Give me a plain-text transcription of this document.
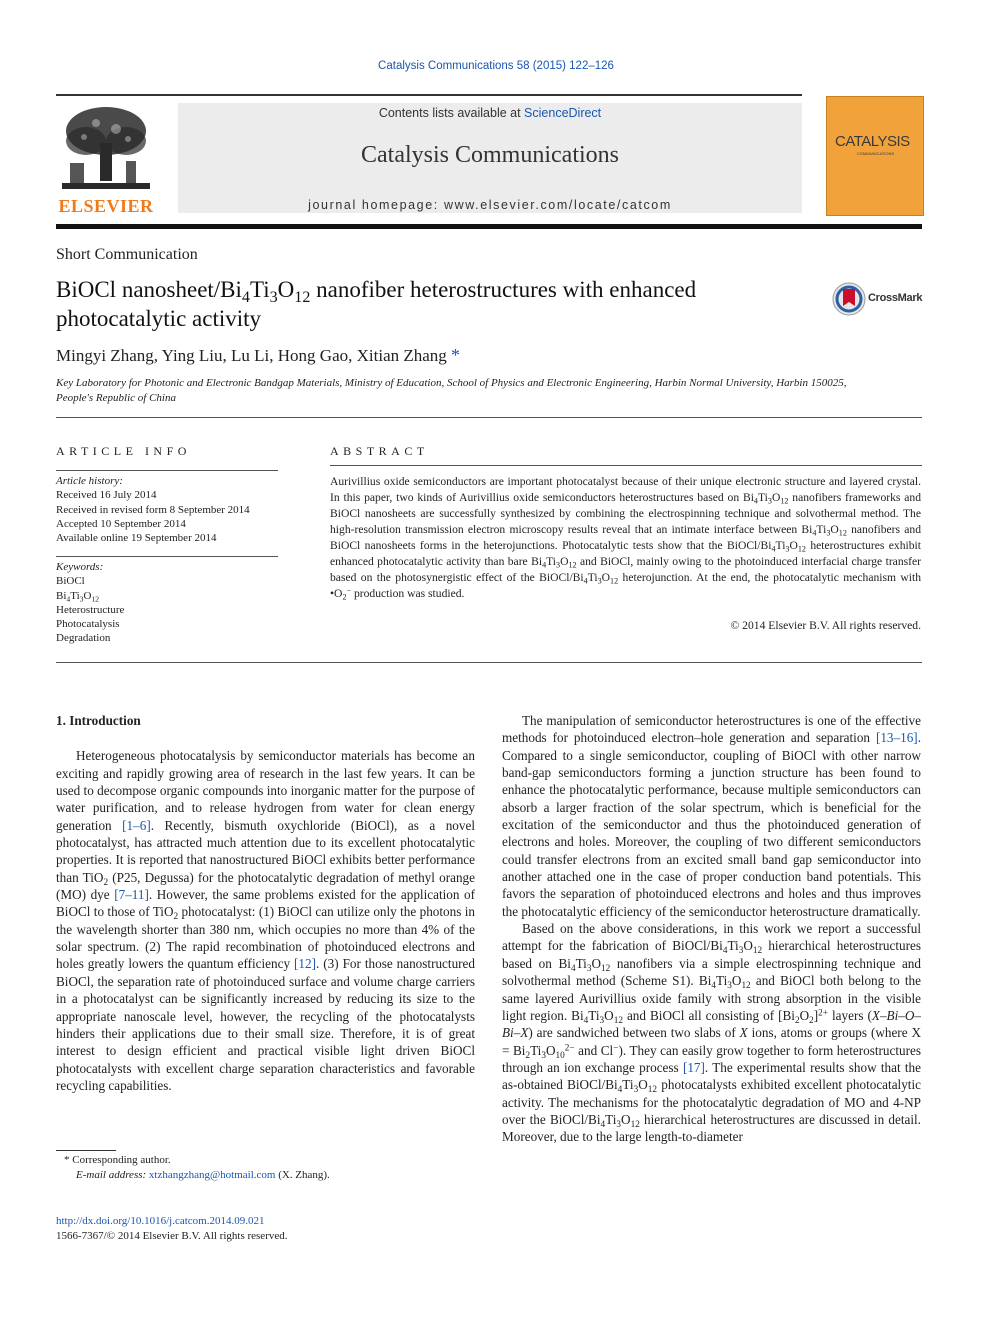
Catalysis Communications 58 (2015) 122–126
ELSEVIER
Contents lists available at ScienceDirect
Catalysis Communications
journal homepage: www.elsevier.com/locate/catcom
CATALYSIS
COMMUNICATIONS
Short Communication
BiOCl nanosheet/$Bi_4Ti_3O_{12}$ nanofiber heterostructures with enhanced photocatalytic activity
CrossMark
Mingyi Zhang, Ying Liu, Lu Li, Hong Gao, Xitian Zhang *
Key Laboratory for Photonic and Electronic Bandgap Materials, Ministry of Education, School of Physics and Electronic Engineering, Harbin Normal University, Harbin 150025, People's Republic of China
ARTICLE INFO
Article history:
Received 16 July 2014
Received in revised form 8 September 2014
Accepted 10 September 2014
Available online 19 September 2014
Keywords:
BiOCl
$Bi_4Ti_3O_{12}$
Heterostructure
Photocatalysis
Degradation
ABSTRACT
Aurivillius oxide semiconductors are important photocatalyst because of their unique electronic structure and layered crystal. In this paper, two kinds of Aurivillius oxide semiconductors heterostructures based on $Bi_4Ti_3O_{12}$ nanofibers frameworks and BiOCl nanosheets are successfully synthesized by combining the electrospinning technique and solvothermal method. The high-resolution transmission electron microscopy results reveal that an intimate interface between $Bi_4Ti_3O_{12}$ nanofibers and BiOCl nanosheets forms in the heterojunctions. Photocatalytic tests show that the BiOCl/$Bi_4Ti_3O_{12}$ heterostructures exhibit enhanced photocatalytic activity than bare $Bi_4Ti_3O_{12}$ and BiOCl, mainly owing to the photoinduced interfacial charge transfer based on the photosynergistic effect of the BiOCl/$Bi_4Ti_3O_{12}$ heterojunction. At the end, the photocatalytic mechanism with $•O_2^-$ production was studied.
© 2014 Elsevier B.V. All rights reserved.
1. Introduction

Heterogeneous photocatalysis by semiconductor materials has become an exciting and rapidly growing area of research in the last few years. It can be used to decompose organic compounds into inorganic matter for the purpose of water purification, and to release hydrogen from water for clean energy generation [1–6]. Recently, bismuth oxychloride (BiOCl), as a novel photocatalyst, has attracted much attention due to its excellent photocatalytic properties. It is reported that nanostructured BiOCl exhibits better performance than TiO$_2$ (P25, Degussa) for the photocatalytic degradation of methyl orange (MO) dye [7–11]. However, the same problems existed for the application of BiOCl to those of TiO$_2$ photocatalyst: (1) BiOCl can utilize only the photons in the wavelength shorter than 380 nm, which occupies no more than 4% of the solar spectrum. (2) The rapid recombination of photoinduced electrons and holes greatly lowers the quantum efficiency [12]. (3) For those nanostructured BiOCl, the separation rate of photoinduced surface and volume charge carriers in a photocatalyst can be significantly increased by reducing its size to the appropriate nanoscale level, however, the recycling of the photocatalysts hinders their applications due to their small size. Therefore, it is of great interest to design efficient and practical visible light driven BiOCl photocatalysts with excellent charge separation characteristics and favorable recycling capabilities.

The manipulation of semiconductor heterostructures is one of the effective methods for photoinduced electron–hole generation and separation [13–16]. Compared to a single semiconductor, coupling of BiOCl with other narrow band-gap semiconductors forming a junction structure has been found to enhance the photocatalytic performance, because multiple semiconductors can absorb a larger fraction of the solar spectrum, which is beneficial for the excitation of the semiconductor and thus the photoinduced generation of electrons and holes. Moreover, the coupling of two different semiconductors could transfer electrons from an excited small band gap semiconductor into another attached one in the case of proper conduction band potentials. This favors the separation of photoinduced electrons and holes and thus improves the photocatalytic efficiency of the semiconductor heterostructure dramatically.

Based on the above considerations, in this work we report a successful attempt for the fabrication of BiOCl/$Bi_4Ti_3O_{12}$ hierarchical heterostructures based on $Bi_4Ti_3O_{12}$ nanofibers via a simple electrospinning technique and solvothermal method (Scheme S1). $Bi_4Ti_3O_{12}$ and BiOCl both belong to the same layered Aurivillius oxide family with strong absorption in the visible light region. $Bi_4Ti_3O_{12}$ and BiOCl all consisting of $[Bi_2O_2]^{2+}$ layers (X–Bi–O–Bi–X) are sandwiched between two slabs of X ions, atoms or groups (where $X = Bi_2Ti_3O_{10}^{2-}$ and Cl−). They can easily grow together to form heterostructures through an ion exchange process [17]. The experimental results show that the as-obtained BiOCl/$Bi_4Ti_3O_{12}$ photocatalysts exhibited excellent photocatalytic activity. The mechanisms for the photocatalytic degradation of MO and 4-NP over the BiOCl/$Bi_4Ti_3O_{12}$ hierarchical heterostructures are discussed in detail. Moreover, due to the large length-to-diameter

* Corresponding author.
E-mail address: xtzhangzhang@hotmail.com (X. Zhang).
http://dx.doi.org/10.1016/j.catcom.2014.09.021
1566-7367/© 2014 Elsevier B.V. All rights reserved.
